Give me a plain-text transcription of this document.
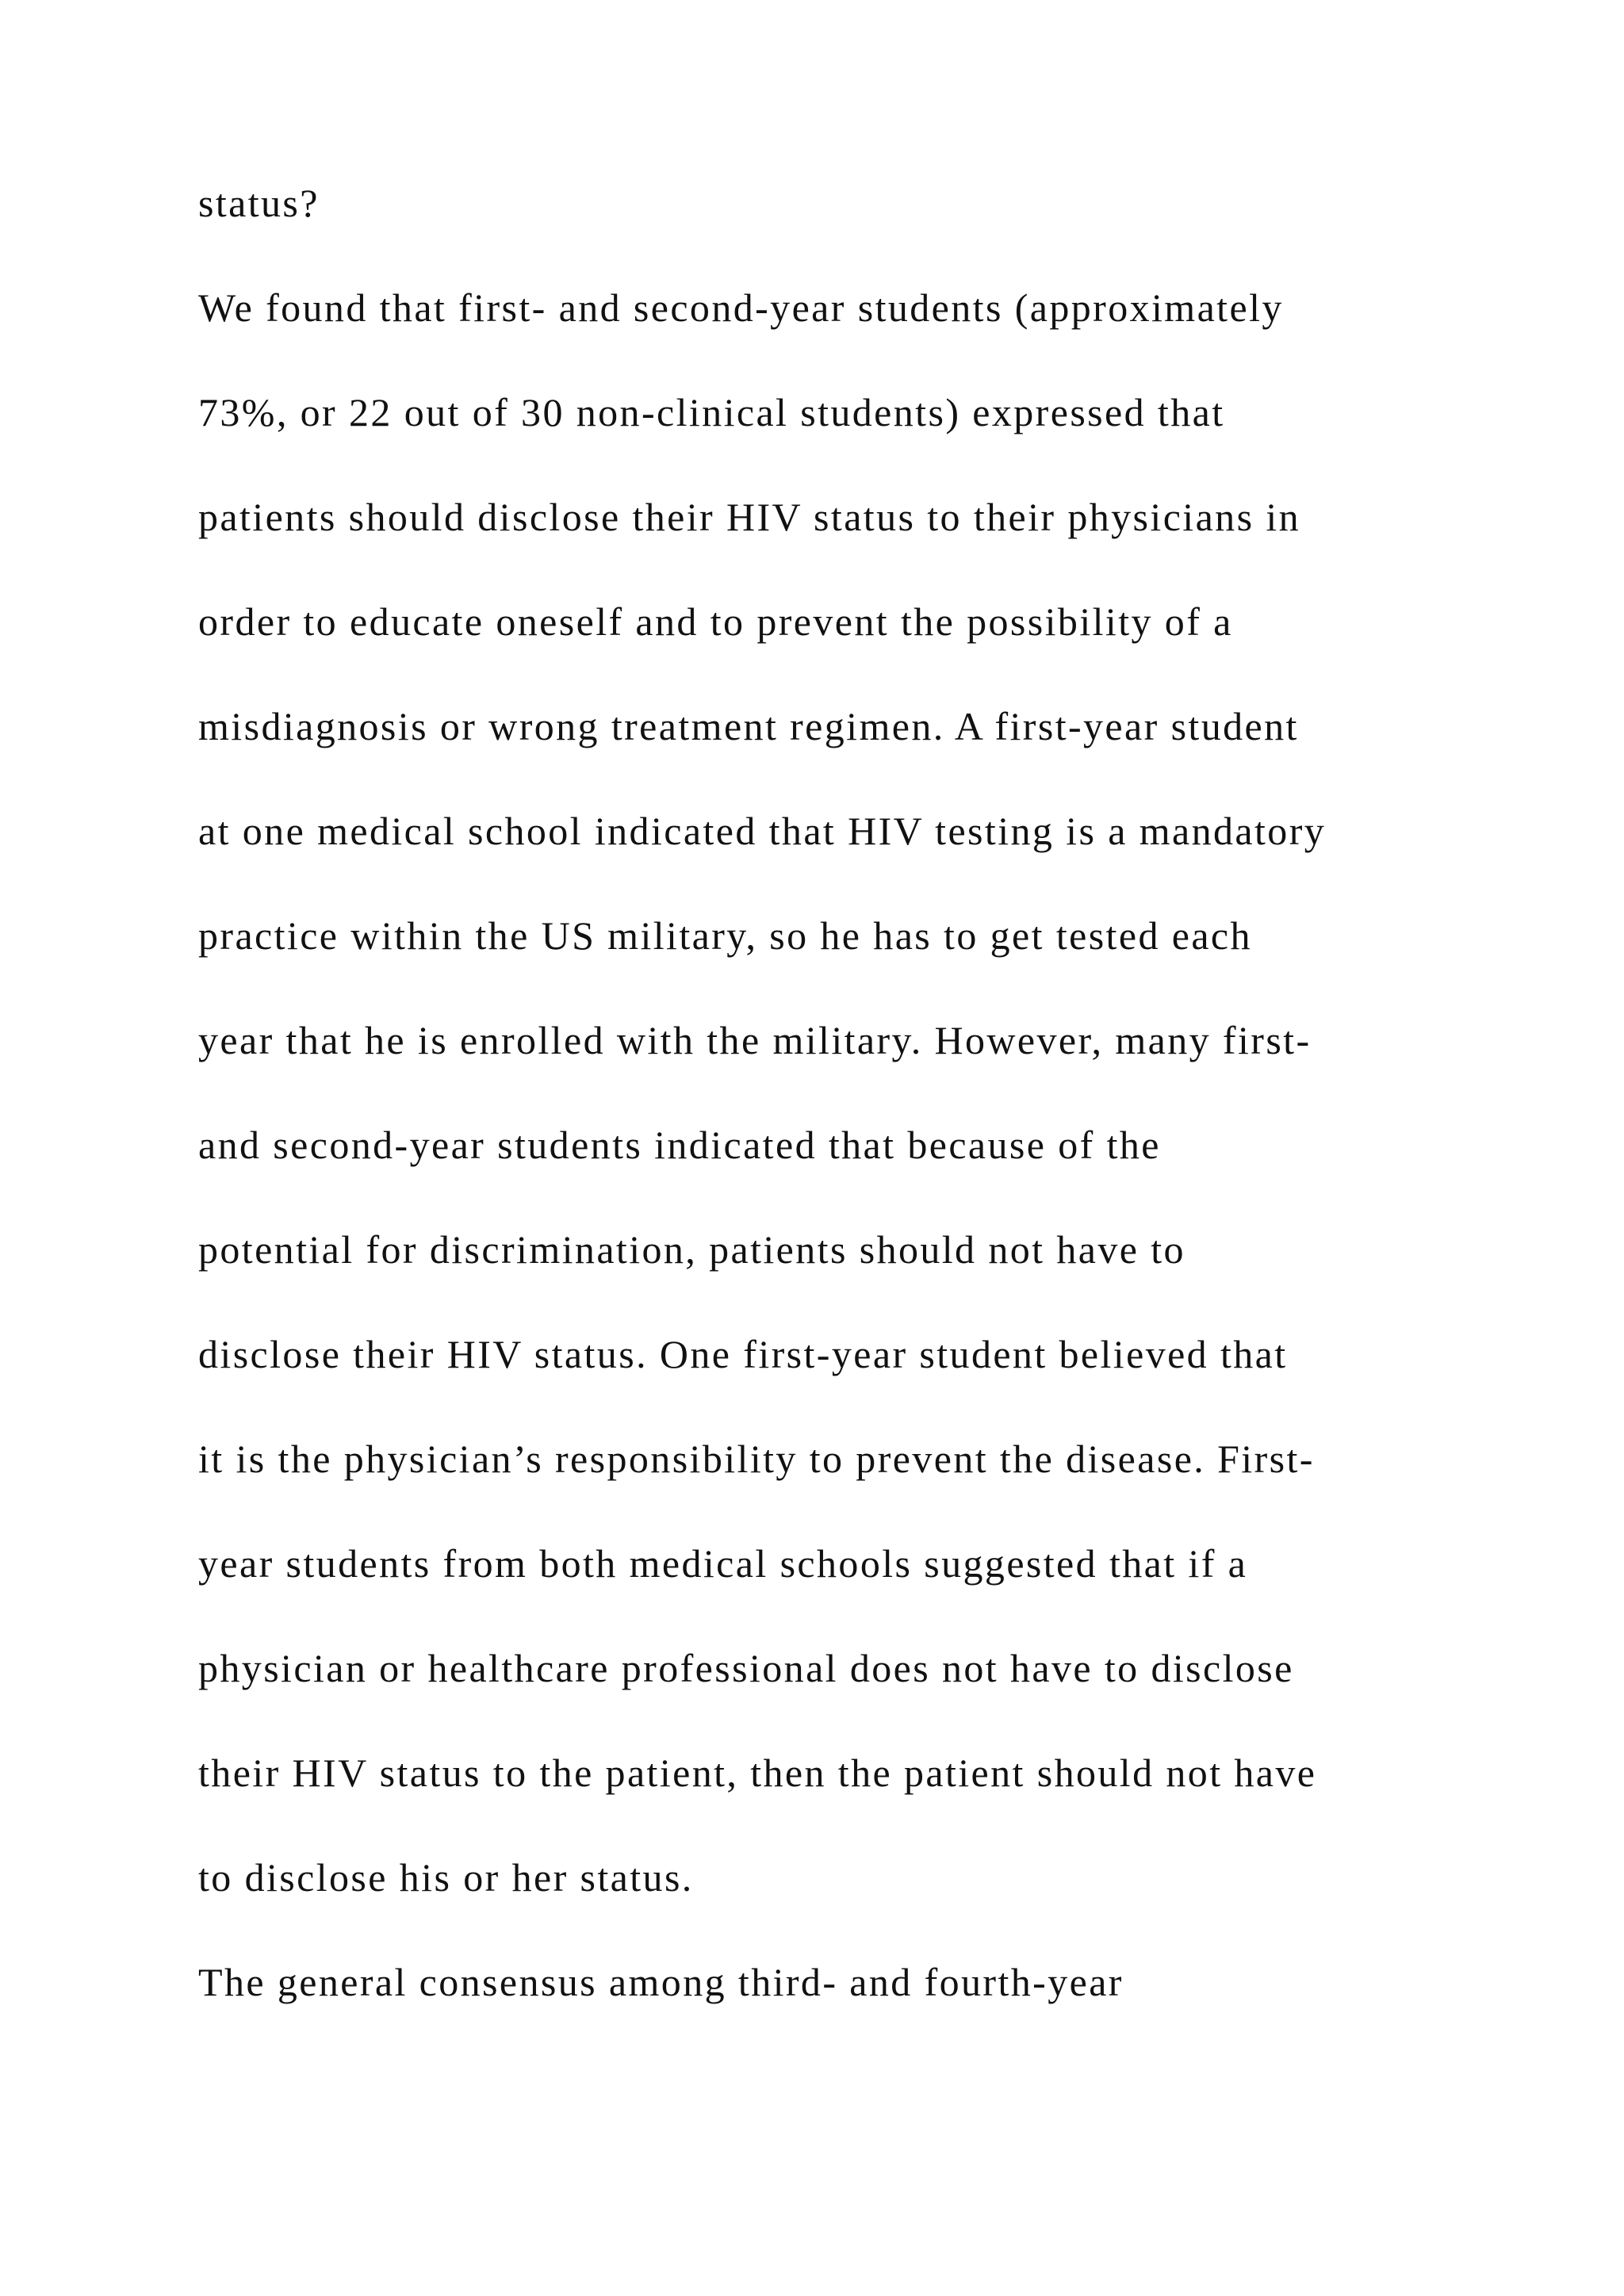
status?
We found that first- and second-year students (approximately
73%, or 22 out of 30 non-clinical students) expressed that
patients should disclose their HIV status to their physicians in
order to educate oneself and to prevent the possibility of a
misdiagnosis or wrong treatment regimen. A first-year student
at one medical school indicated that HIV testing is a mandatory
practice within the US military, so he has to get tested each
year that he is enrolled with the military. However, many first-
and second-year students indicated that because of the
potential for discrimination, patients should not have to
disclose their HIV status. One first-year student believed that
it is the physician’s responsibility to prevent the disease. First-
year students from both medical schools suggested that if a
physician or healthcare professional does not have to disclose
their HIV status to the patient, then the patient should not have
to disclose his or her status.
The general consensus among third- and fourth-year
